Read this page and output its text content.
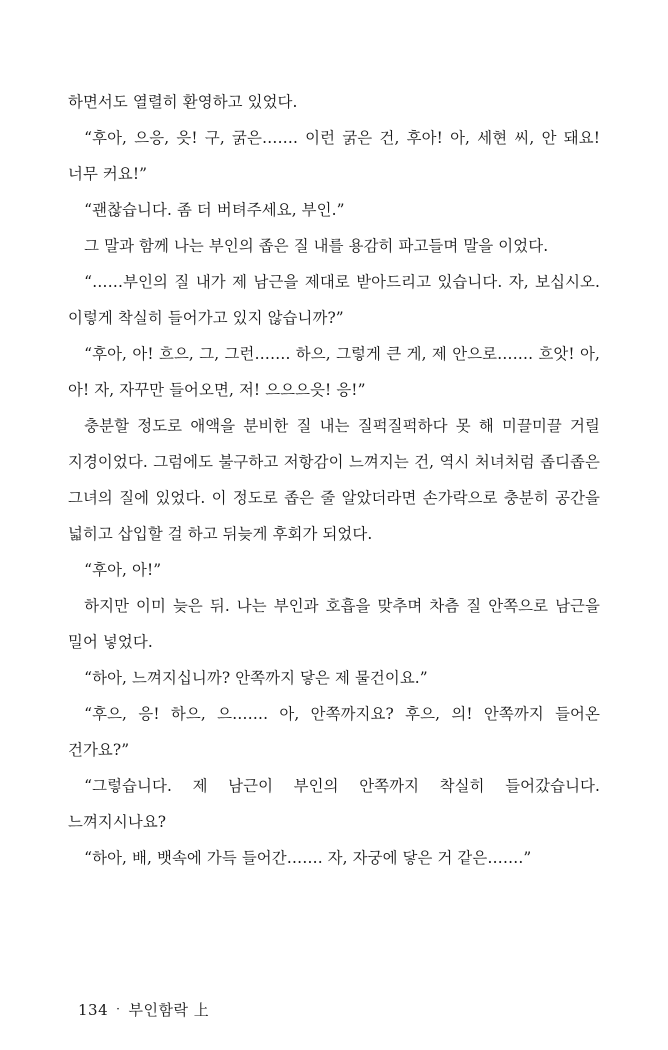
하면서도 열렬히 환영하고 있었다.

“후아, 으응, 읏! 구, 굵은……. 이런 굵은 건, 후아! 아, 세현 씨, 안 돼요! 너무 커요!”

“괜찮습니다. 좀 더 버텨주세요, 부인.”

그 말과 함께 나는 부인의 좁은 질 내를 용감히 파고들며 말을 이었다.

“……부인의 질 내가 제 남근을 제대로 받아드리고 있습니다. 자, 보십시오. 이렇게 착실히 들어가고 있지 않습니까?”

“후아, 아! 흐으, 그, 그런……. 하으, 그렇게 큰 게, 제 안으로……. 흐앗! 아, 아! 자, 자꾸만 들어오면, 저! 으으으읏! 응!”

충분할 정도로 애액을 분비한 질 내는 질퍽질퍽하다 못 해 미끌미끌 거릴 지경이었다. 그럼에도 불구하고 저항감이 느껴지는 건, 역시 처녀처럼 좁디좁은 그녀의 질에 있었다. 이 정도로 좁은 줄 알았더라면 손가락으로 충분히 공간을 넓히고 삽입할 걸 하고 뒤늦게 후회가 되었다.

“후아, 아!”

하지만 이미 늦은 뒤. 나는 부인과 호흡을 맞추며 차츰 질 안쪽으로 남근을 밀어 넣었다.

“하아, 느껴지십니까? 안쪽까지 닿은 제 물건이요.”

“후으, 응! 하으, 으……. 아, 안쪽까지요? 후으, 의! 안쪽까지 들어온 건가요?”

“그렇습니다. 제 남근이 부인의 안쪽까지 착실히 들어갔습니다. 느껴지시나요?

“하아, 배, 뱃속에 가득 들어간……. 자, 자궁에 닿은 거 같은…….”

134 · 부인함락 上
